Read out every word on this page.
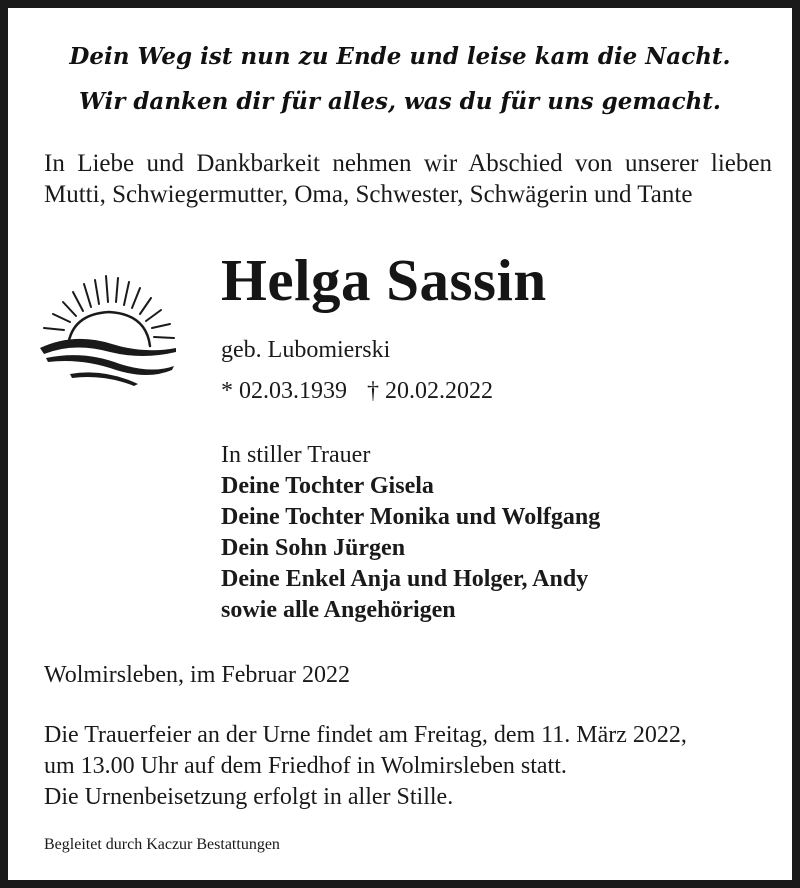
Dein Weg ist nun zu Ende und leise kam die Nacht.
Wir danken dir für alles, was du für uns gemacht.
In Liebe und Dankbarkeit nehmen wir Abschied von unserer lieben Mutti, Schwiegermutter, Oma, Schwester, Schwägerin und Tante
Helga Sassin
geb. Lubomierski
* 02.03.1939 † 20.02.2022
In stiller Trauer
Deine Tochter Gisela
Deine Tochter Monika und Wolfgang
Dein Sohn Jürgen
Deine Enkel Anja und Holger, Andy
sowie alle Angehörigen
Wolmirsleben, im Februar 2022
Die Trauerfeier an der Urne findet am Freitag, dem 11. März 2022,
um 13.00 Uhr auf dem Friedhof in Wolmirsleben statt.
Die Urnenbeisetzung erfolgt in aller Stille.
Begleitet durch Kaczur Bestattungen
